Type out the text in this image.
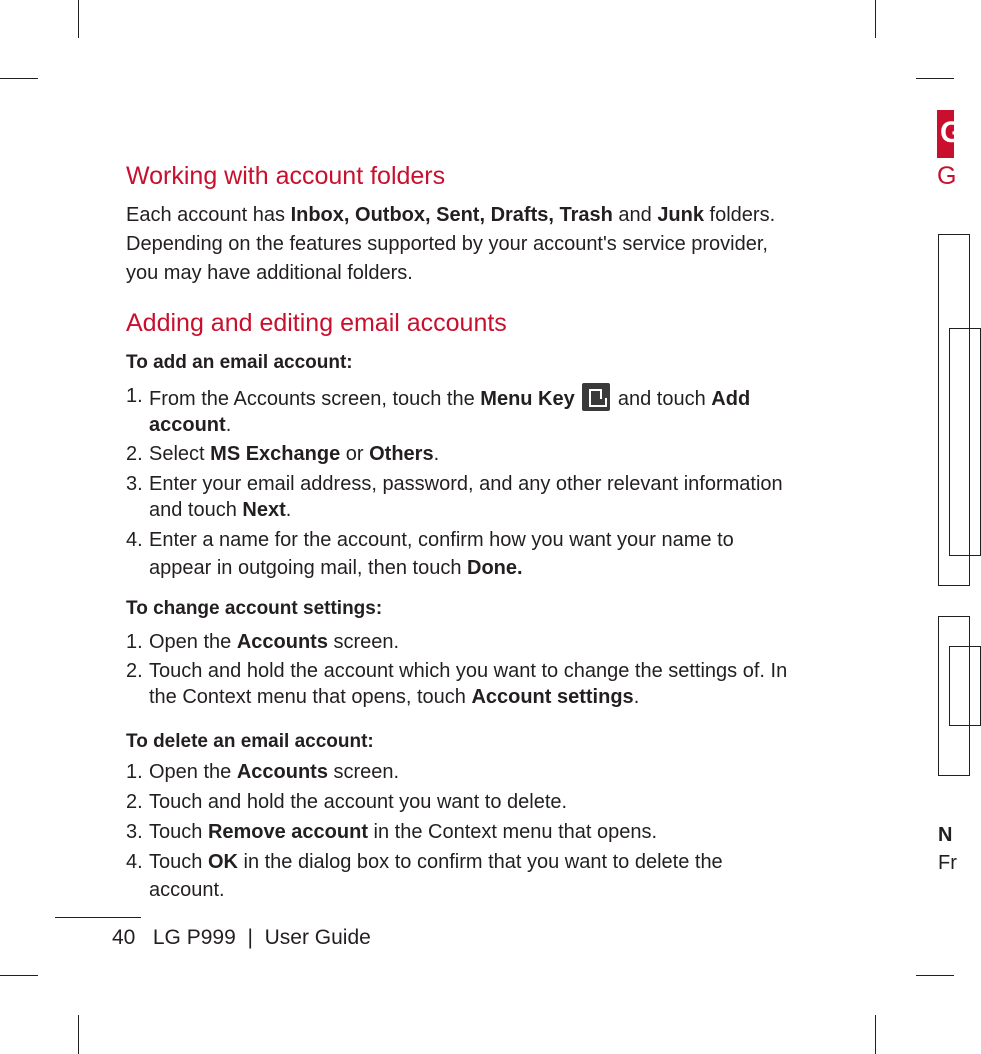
Working with account folders
Each account has Inbox, Outbox, Sent, Drafts, Trash and Junk folders.
Depending on the features supported by your account's service provider,
you may have additional folders.
Adding and editing email accounts
To add an email account:
1. From the Accounts screen, touch the Menu Key  and touch Add
account.
2. Select MS Exchange or Others.
3. Enter your email address, password, and any other relevant information
and touch Next.
4. Enter a name for the account, confirm how you want your name to
appear in outgoing mail, then touch Done.
To change account settings:
1. Open the Accounts screen.
2. Touch and hold the account which you want to change the settings of. In
the Context menu that opens, touch Account settings.
To delete an email account:
1. Open the Accounts screen.
2. Touch and hold the account you want to delete.
3. Touch Remove account in the Context menu that opens.
4. Touch OK in the dialog box to confirm that you want to delete the
account.
40 LG P999 | User Guide
G
G
N
Fr
